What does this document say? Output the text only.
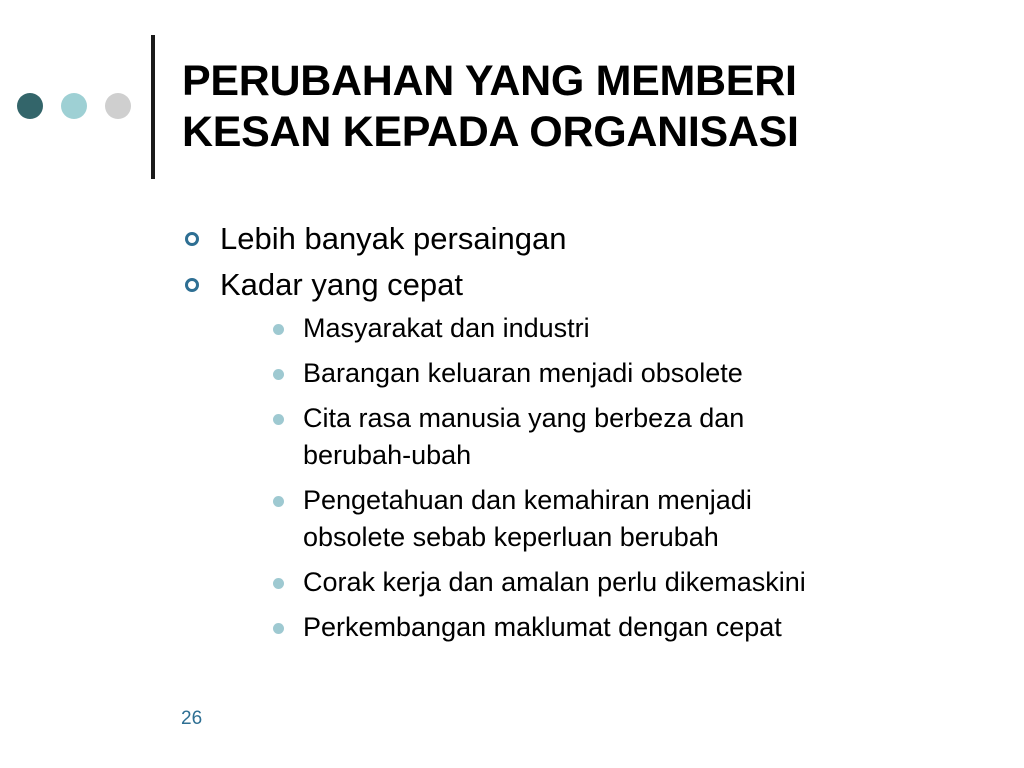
PERUBAHAN YANG MEMBERI
KESAN KEPADA ORGANISASI
Lebih banyak persaingan
Kadar yang cepat
Masyarakat dan industri
Barangan keluaran menjadi obsolete
Cita rasa manusia yang berbeza dan
berubah-ubah
Pengetahuan dan kemahiran menjadi
obsolete sebab keperluan berubah
Corak kerja dan amalan perlu dikemaskini
Perkembangan maklumat dengan cepat
26
